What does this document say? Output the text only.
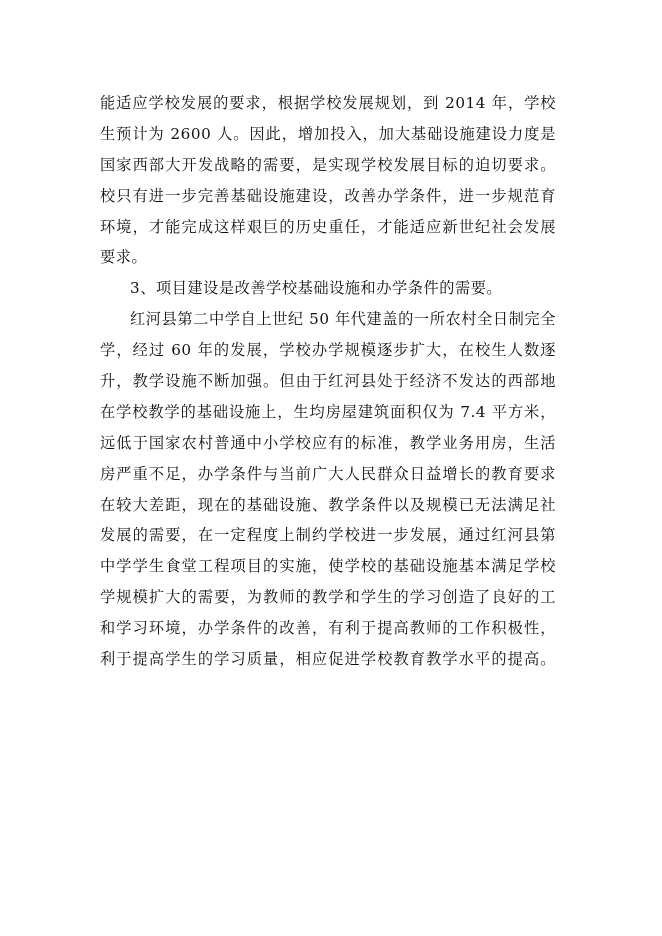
能适应学校发展的要求，根据学校发展规划，到 2014 年，学校
生预计为 2600 人。因此，增加投入，加大基础设施建设力度是
国家西部大开发战略的需要，是实现学校发展目标的迫切要求。
校只有进一步完善基础设施建设，改善办学条件，进一步规范育
环境，才能完成这样艰巨的历史重任，才能适应新世纪社会发展
要求。
3、项目建设是改善学校基础设施和办学条件的需要。
红河县第二中学自上世纪 50 年代建盖的一所农村全日制完全
学，经过 60 年的发展，学校办学规模逐步扩大，在校生人数逐
升，教学设施不断加强。但由于红河县处于经济不发达的西部地
在学校教学的基础设施上，生均房屋建筑面积仅为 7.4 平方米，
远低于国家农村普通中小学校应有的标准，教学业务用房，生活
房严重不足，办学条件与当前广大人民群众日益增长的教育要求
在较大差距，现在的基础设施、教学条件以及规模已无法满足社
发展的需要，在一定程度上制约学校进一步发展，通过红河县第
中学学生食堂工程项目的实施，使学校的基础设施基本满足学校
学规模扩大的需要，为教师的教学和学生的学习创造了良好的工
和学习环境，办学条件的改善，有利于提高教师的工作积极性，
利于提高学生的学习质量，相应促进学校教育教学水平的提高。
